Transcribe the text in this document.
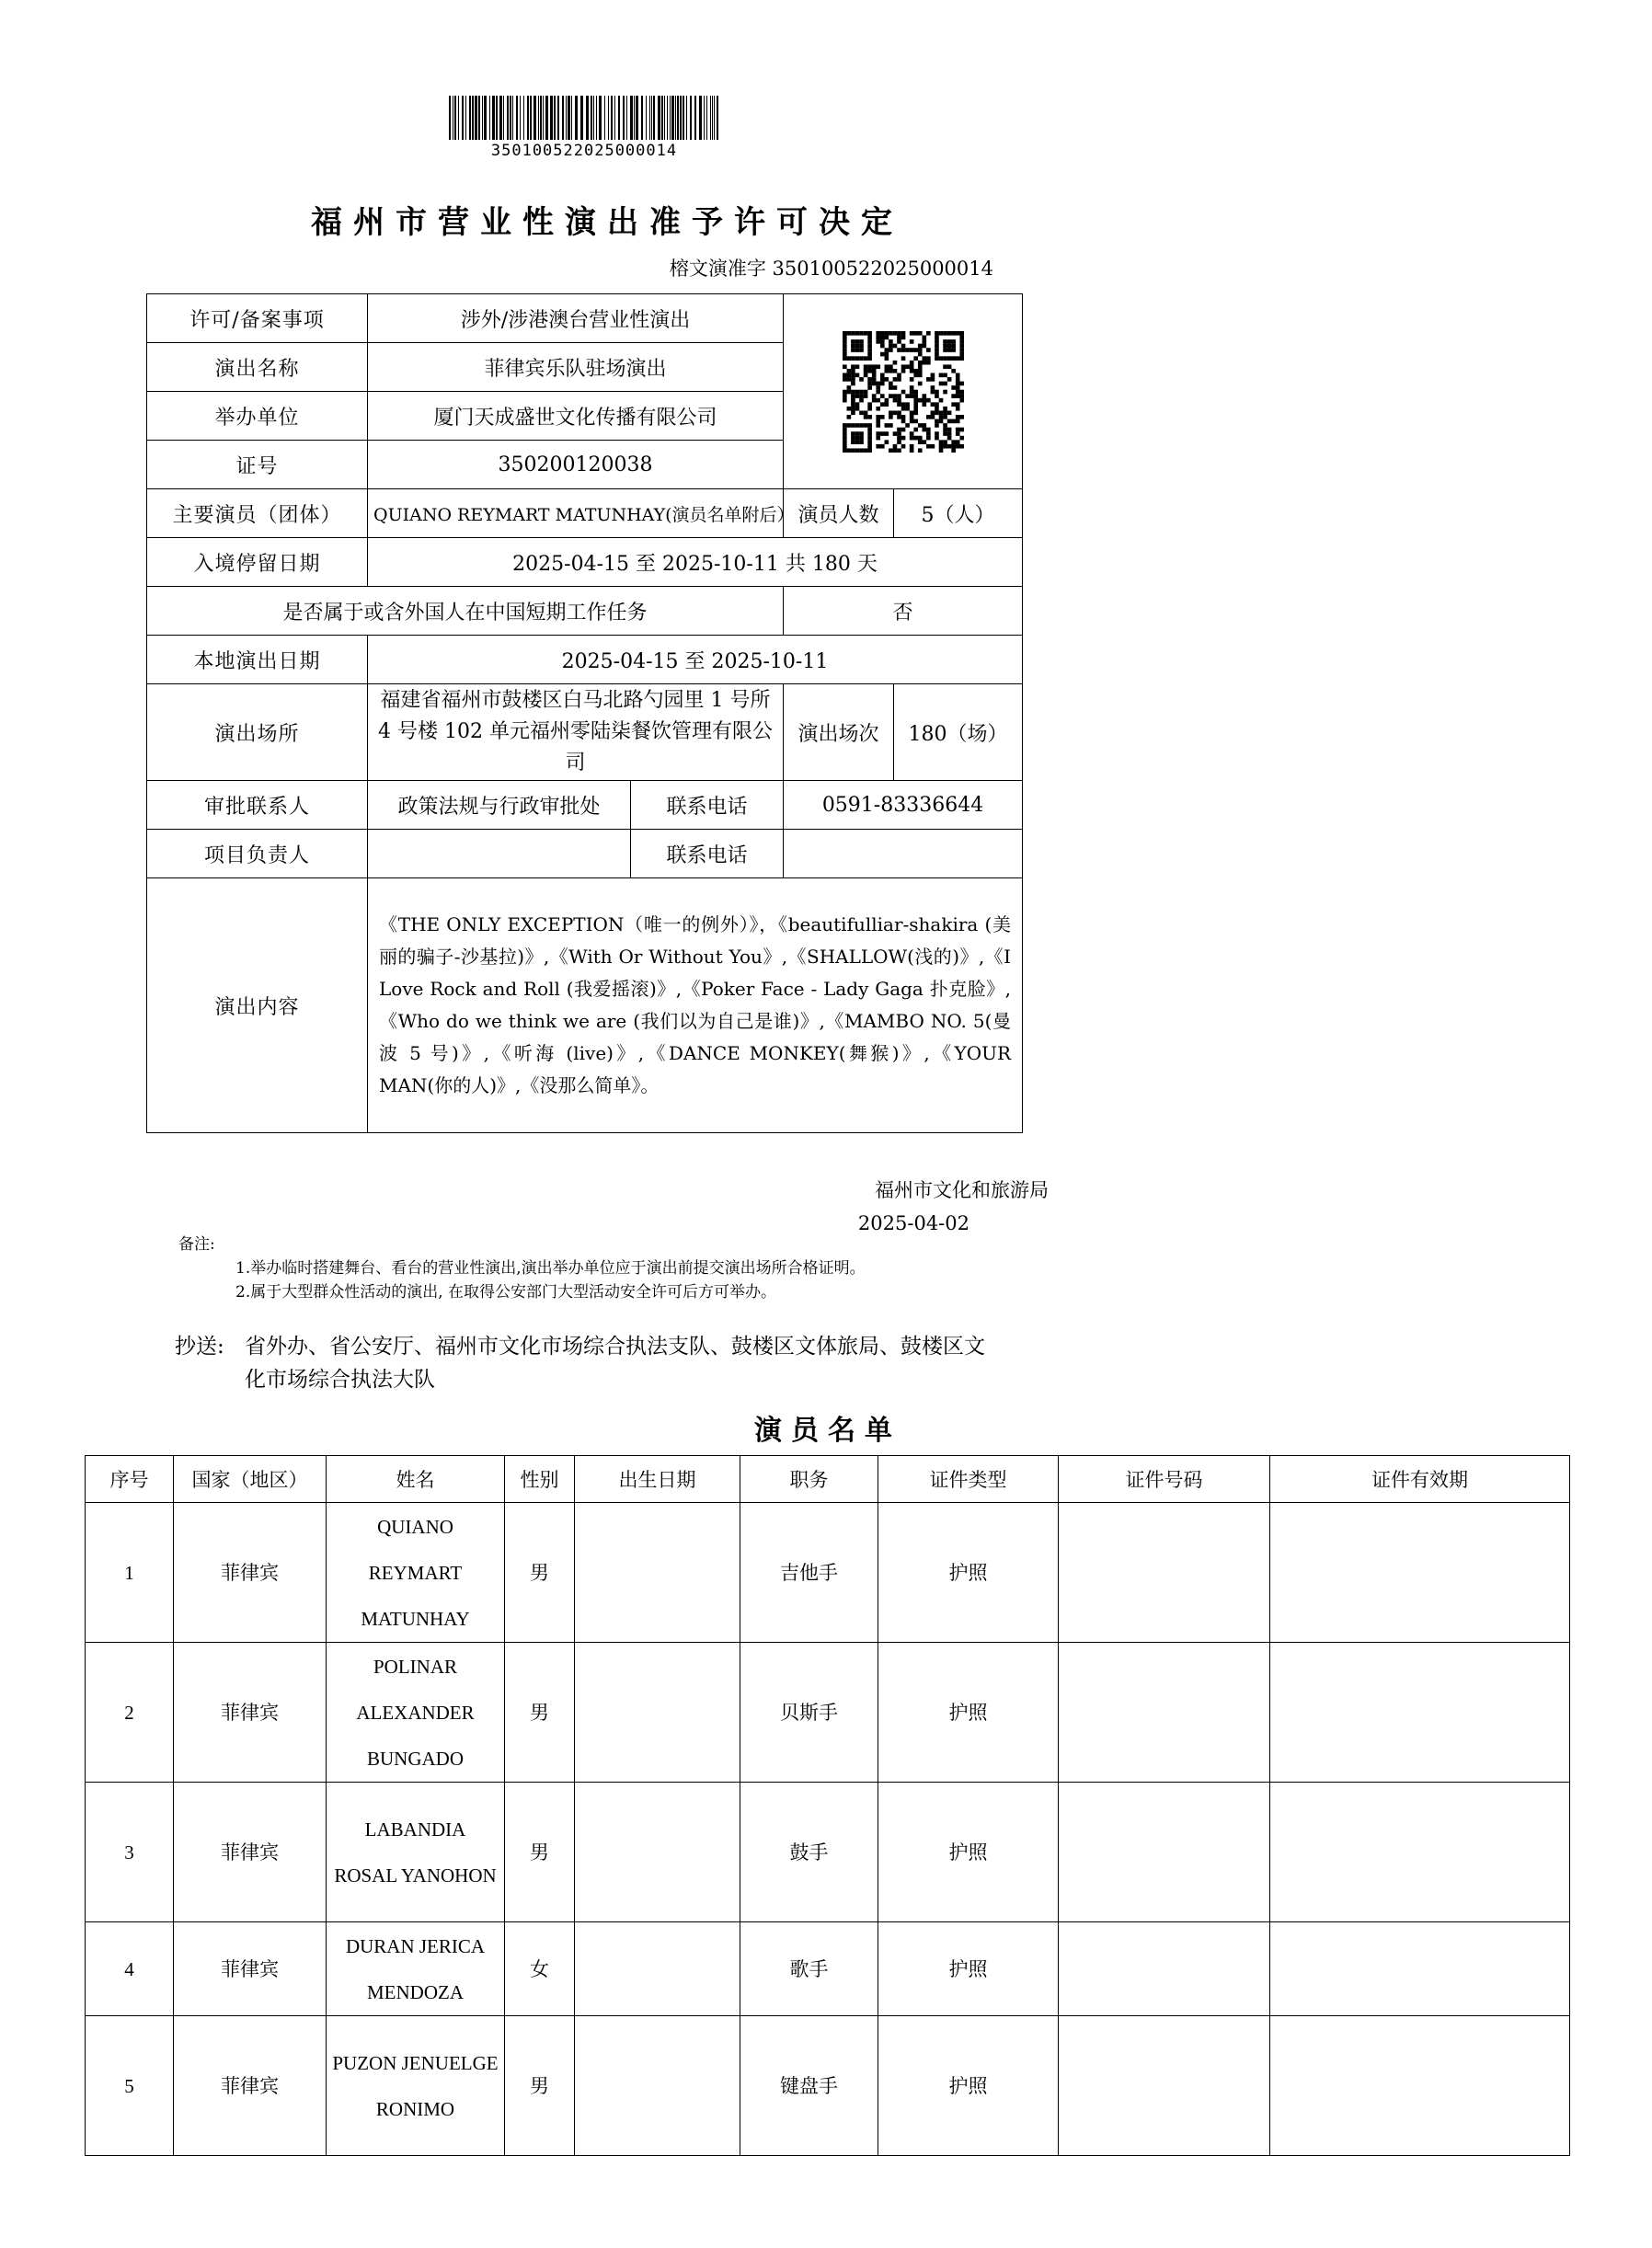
350100522025000014
福州市营业性演出准予许可决定
榕文演准字 350100522025000014
许可/备案事项	涉外/涉港澳台营业性演出	

演出名称	菲律宾乐队驻场演出			
举办单位	厦门天成盛世文化传播有限公司			
证号	350200120038			
主要演员（团体）	QUIANO REYMART MATUNHAY(演员名单附后）		演员人数	5（人）
入境停留日期	2025-04-15 至 2025-10-11 共 180 天			
是否属于或含外国人在中国短期工作任务			否	
本地演出日期	2025-04-15 至 2025-10-11			
演出场所	福建省福州市鼓楼区白马北路勺园里 1 号所 4 号楼 102 单元福州零陆柒餐饮管理有限公司		演出场次	180（场）
审批联系人	政策法规与行政审批处	联系电话	0591-83336644	
项目负责人		联系电话		
演出内容	《THE ONLY EXCEPTION（唯一的例外）》，《beautifulliar-shakira (美丽的骗子-沙基拉)》,《With Or Without You》,《SHALLOW(浅的)》,《I Love Rock and Roll (我爱摇滚)》,《Poker Face - Lady Gaga 扑克脸》,《Who do we think we are (我们以为自己是谁)》,《MAMBO NO. 5(曼波 5 号)》,《听海 (live)》,《DANCE MONKEY(舞猴)》,《YOUR MAN(你的人)》,《没那么简单》。			
福州市文化和旅游局
2025-04-02
备注:
1.举办临时搭建舞台、看台的营业性演出,演出举办单位应于演出前提交演出场所合格证明。
2.属于大型群众性活动的演出, 在取得公安部门大型活动安全许可后方可举办。
抄送: 省外办、省公安厅、福州市文化市场综合执法支队、鼓楼区文体旅局、鼓楼区文化市场综合执法大队
演员名单
序号	国家（地区）	姓名	性别	出生日期	职务	证件类型	证件号码	证件有效期
1	菲律宾	QUIANO REYMART MATUNHAY	男		吉他手	护照		
2	菲律宾	POLINAR ALEXANDER BUNGADO	男		贝斯手	护照		
3	菲律宾	LABANDIA ROSAL YANOHON	男		鼓手	护照		
4	菲律宾	DURAN JERICA MENDOZA	女		歌手	护照		
5	菲律宾	PUZON JENUELGE RONIMO	男		键盘手	护照		
